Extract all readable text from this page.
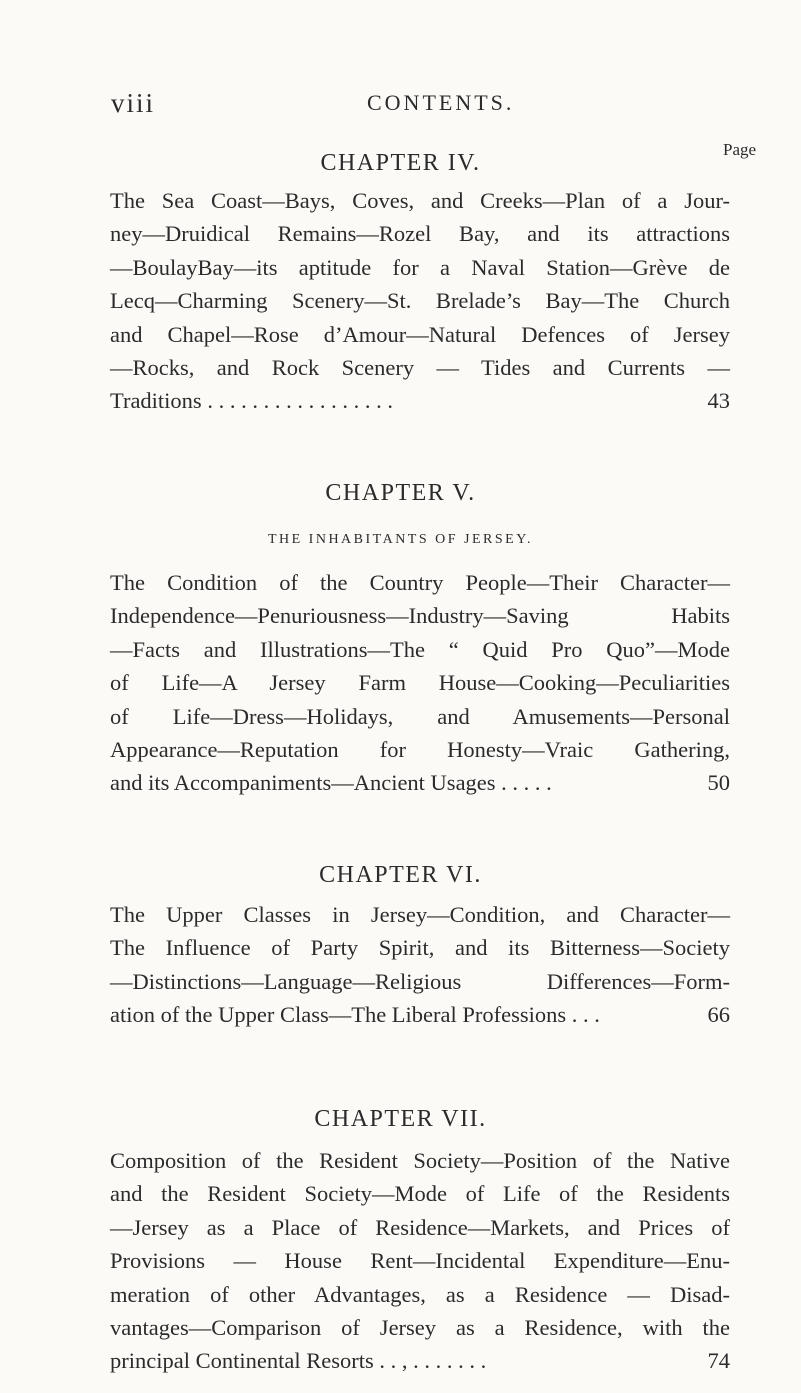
viii	CONTENTS.
Page
CHAPTER IV.
The Sea Coast—Bays, Coves, and Creeks—Plan of a Jour-
ney—Druidical Remains—Rozel Bay, and its attractions
—BoulayBay—its aptitude for a Naval Station—Grève de
Lecq—Charming Scenery—St. Brelade’s Bay—The Church
and Chapel—Rose d’Amour—Natural Defences of Jersey
—Rocks, and Rock Scenery — Tides and Currents —
Traditions . . . . . . . . . . . . . . . . .	43
CHAPTER V.
THE INHABITANTS OF JERSEY.
The Condition of the Country People—Their Character—
Independence—Penuriousness—Industry—Saving Habits
—Facts and Illustrations—The “ Quid Pro Quo”—Mode
of Life—A Jersey Farm House—Cooking—Peculiarities
of Life—Dress—Holidays, and Amusements—Personal
Appearance—Reputation for Honesty—Vraic Gathering,
and its Accompaniments—Ancient Usages . . . . .	50
CHAPTER VI.
The Upper Classes in Jersey—Condition, and Character—
The Influence of Party Spirit, and its Bitterness—Society
—Distinctions—Language—Religious Differences—Form-
ation of the Upper Class—The Liberal Professions . . .	66
CHAPTER VII.
Composition of the Resident Society—Position of the Native
and the Resident Society—Mode of Life of the Residents
—Jersey as a Place of Residence—Markets, and Prices of
Provisions — House Rent—Incidental Expenditure—Enu-
meration of other Advantages, as a Residence — Disad-
vantages—Comparison of Jersey as a Residence, with the
principal Continental Resorts . . , . . . . . . .	74
